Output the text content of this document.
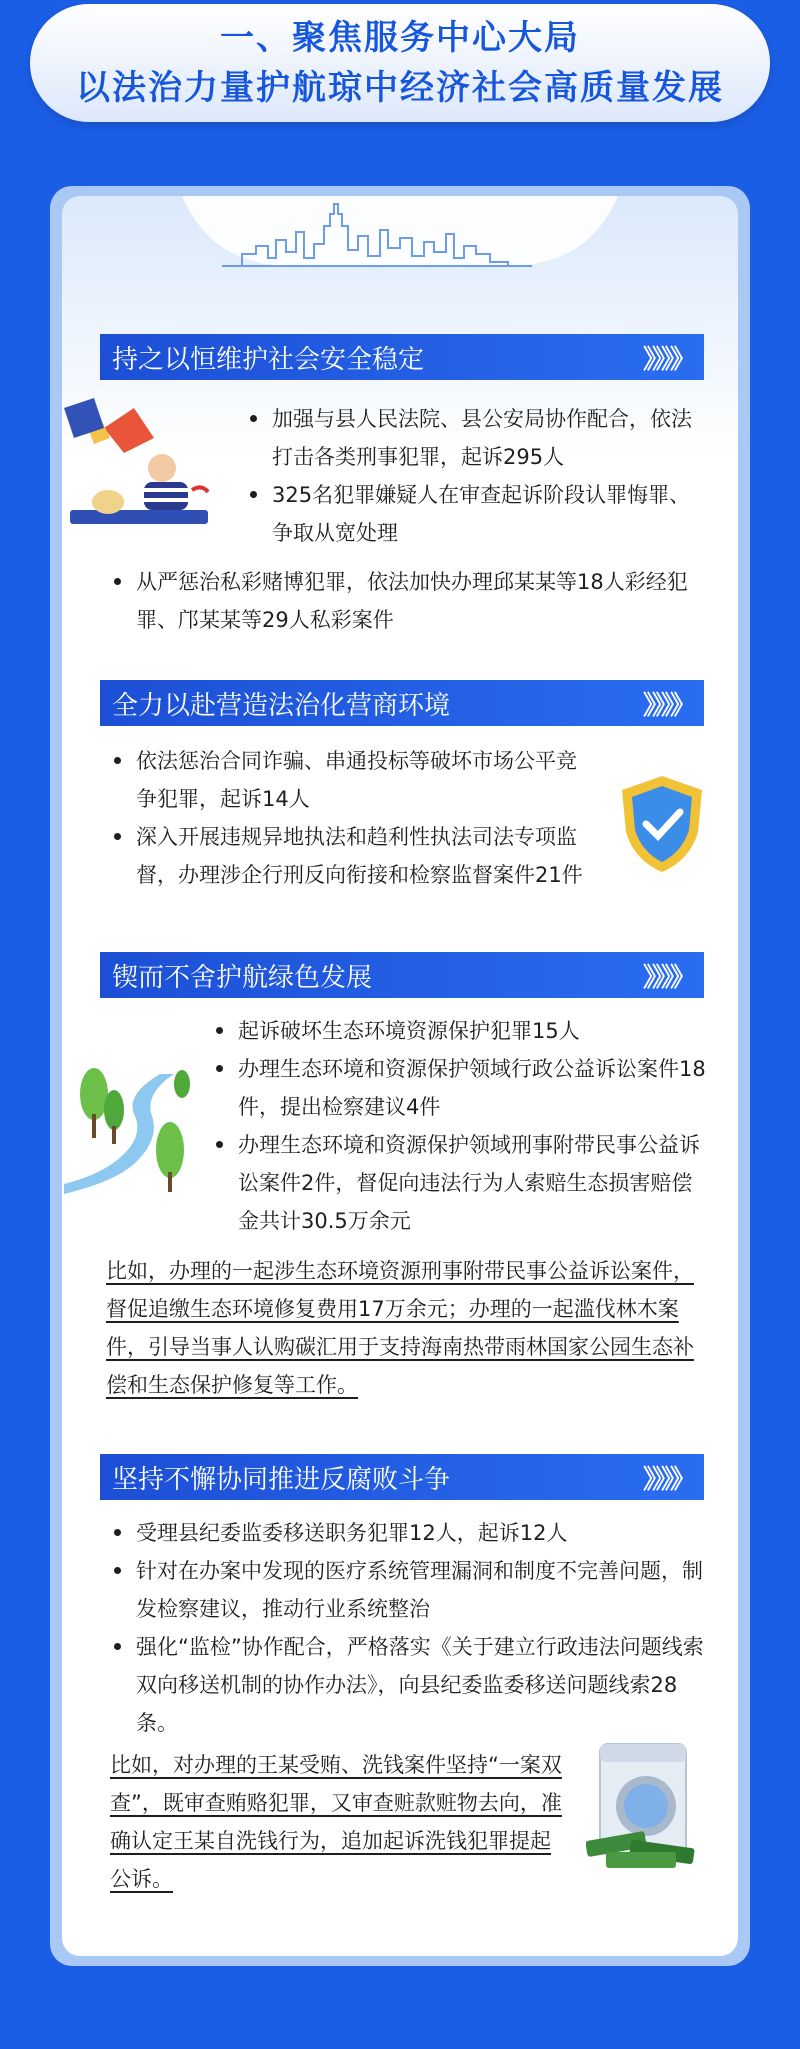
一、聚焦服务中心大局
以法治力量护航琼中经济社会高质量发展
持之以恒维护社会安全稳定	》》》》
加强与县人民法院、县公安局协作配合，依法打击各类刑事犯罪，起诉295人
325名犯罪嫌疑人在审查起诉阶段认罪悔罪、争取从宽处理
从严惩治私彩赌博犯罪，依法加快办理邱某某等18人彩经犯罪、邝某某等29人私彩案件
全力以赴营造法治化营商环境	》》》》
依法惩治合同诈骗、串通投标等破坏市场公平竞争犯罪，起诉14人
深入开展违规异地执法和趋利性执法司法专项监督，办理涉企行刑反向衔接和检察监督案件21件
锲而不舍护航绿色发展	》》》》
起诉破坏生态环境资源保护犯罪15人
办理生态环境和资源保护领域行政公益诉讼案件18件，提出检察建议4件
办理生态环境和资源保护领域刑事附带民事公益诉讼案件2件，督促向违法行为人索赔生态损害赔偿金共计30.5万余元

比如，办理的一起涉生态环境资源刑事附带民事公益诉讼案件，督促追缴生态环境修复费用17万余元；办理的一起滥伐林木案件，引导当事人认购碳汇用于支持海南热带雨林国家公园生态补偿和生态保护修复等工作。

坚持不懈协同推进反腐败斗争	》》》》
受理县纪委监委移送职务犯罪12人，起诉12人
针对在办案中发现的医疗系统管理漏洞和制度不完善问题，制发检察建议，推动行业系统整治
强化“监检”协作配合，严格落实《关于建立行政违法问题线索双向移送机制的协作办法》，向县纪委监委移送问题线索28条。

比如，对办理的王某受贿、洗钱案件坚持“一案双查”，既审查贿赂犯罪，又审查赃款赃物去向，准确认定王某自洗钱行为，追加起诉洗钱犯罪提起公诉。
